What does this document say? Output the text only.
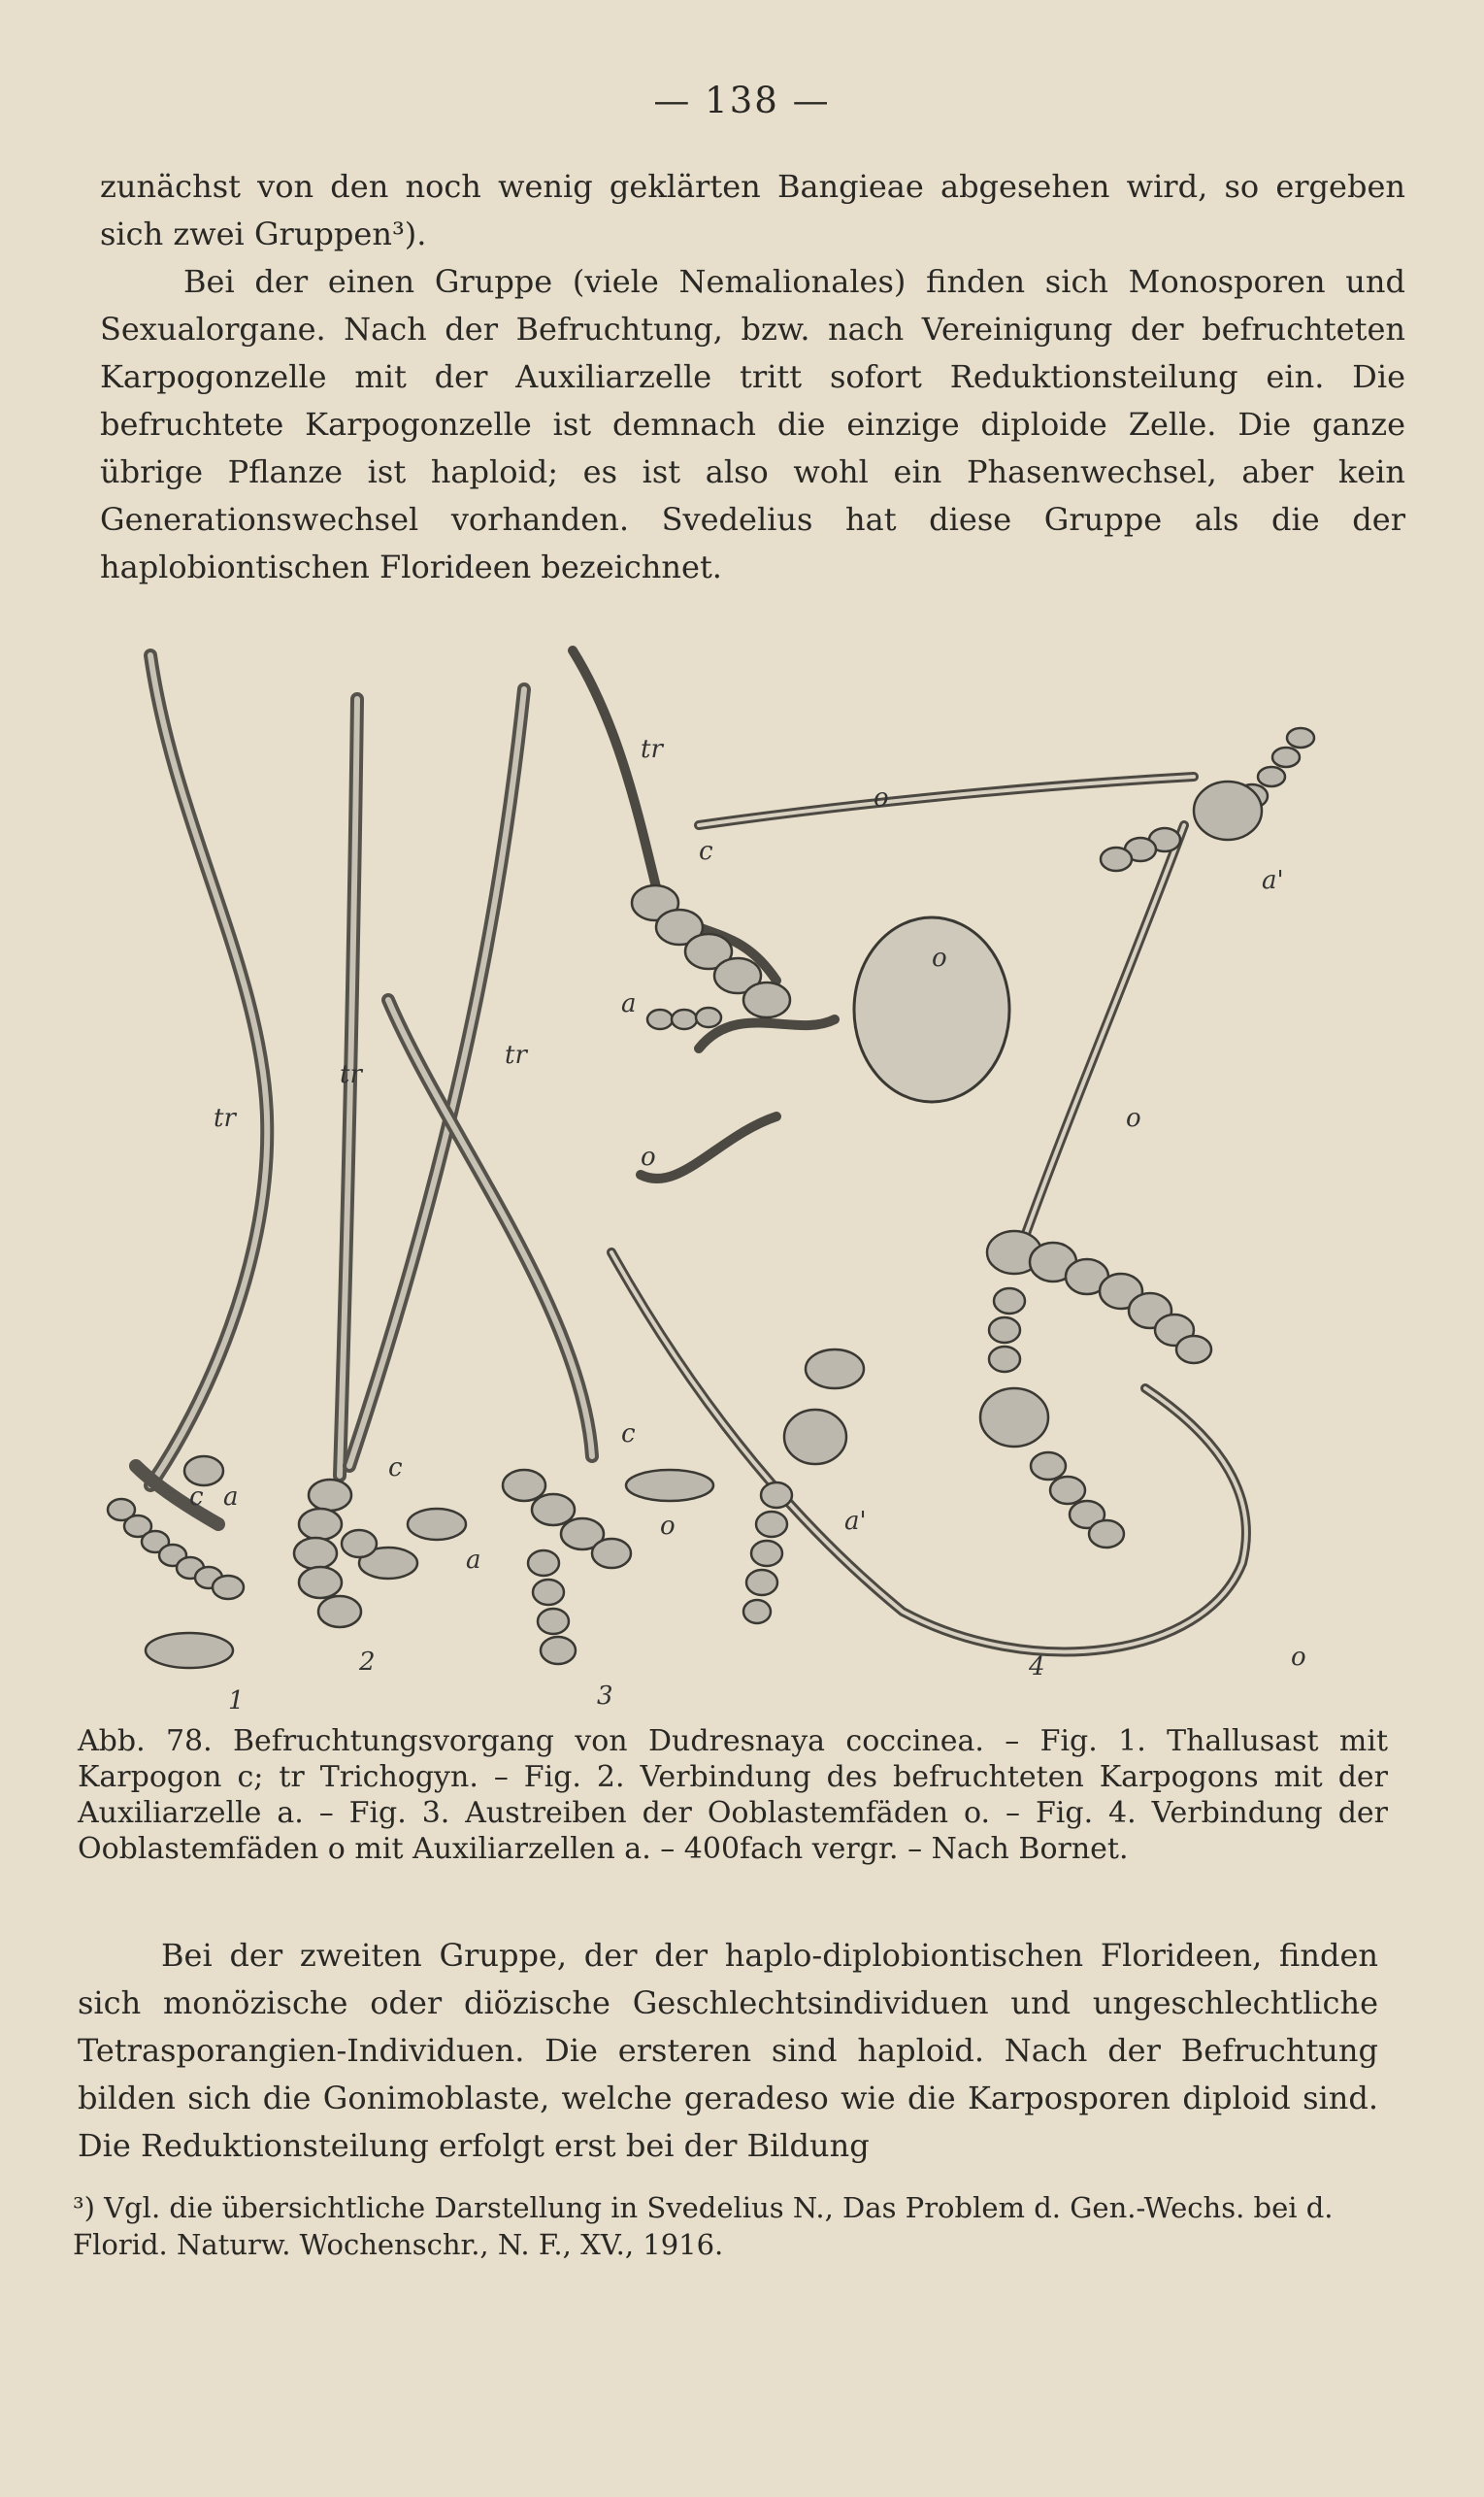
— 138 —

zunächst von den noch wenig geklärten Bangieae abgesehen wird, so ergeben sich zwei Gruppen³).

Bei der einen Gruppe (viele Nemalionales) finden sich Monosporen und Sexualorgane. Nach der Befruchtung, bzw. nach Vereinigung der befruchteten Karpogonzelle mit der Auxiliarzelle tritt sofort Reduktionsteilung ein. Die befruchtete Karpogonzelle ist demnach die einzige diploide Zelle. Die ganze übrige Pflanze ist haploid; es ist also wohl ein Phasenwechsel, aber kein Generationswechsel vorhanden. Svedelius hat diese Gruppe als die der haplobiontischen Florideen bezeichnet.

tr
c
o
a'
o
a
tr
tr
tr	o
o
c a
c
a
c
o	a'
o
1
2
3
4

Abb. 78. Befruchtungsvorgang von Dudresnaya coccinea. – Fig. 1. Thallusast mit Karpogon c; tr Trichogyn. – Fig. 2. Verbindung des befruchteten Karpogons mit der Auxiliarzelle a. – Fig. 3. Austreiben der Ooblastemfäden o. – Fig. 4. Verbindung der Ooblastemfäden o mit Auxiliarzellen a. – 400fach vergr. – Nach Bornet.

Bei der zweiten Gruppe, der der haplo-diplobiontischen Florideen, finden sich monözische oder diözische Geschlechtsindividuen und ungeschlechtliche Tetrasporangien-Individuen. Die ersteren sind haploid. Nach der Befruchtung bilden sich die Gonimoblaste, welche geradeso wie die Karposporen diploid sind. Die Reduktionsteilung erfolgt erst bei der Bildung

³) Vgl. die übersichtliche Darstellung in Svedelius N., Das Problem d. Gen.-Wechs. bei d. Florid. Naturw. Wochenschr., N. F., XV., 1916.
